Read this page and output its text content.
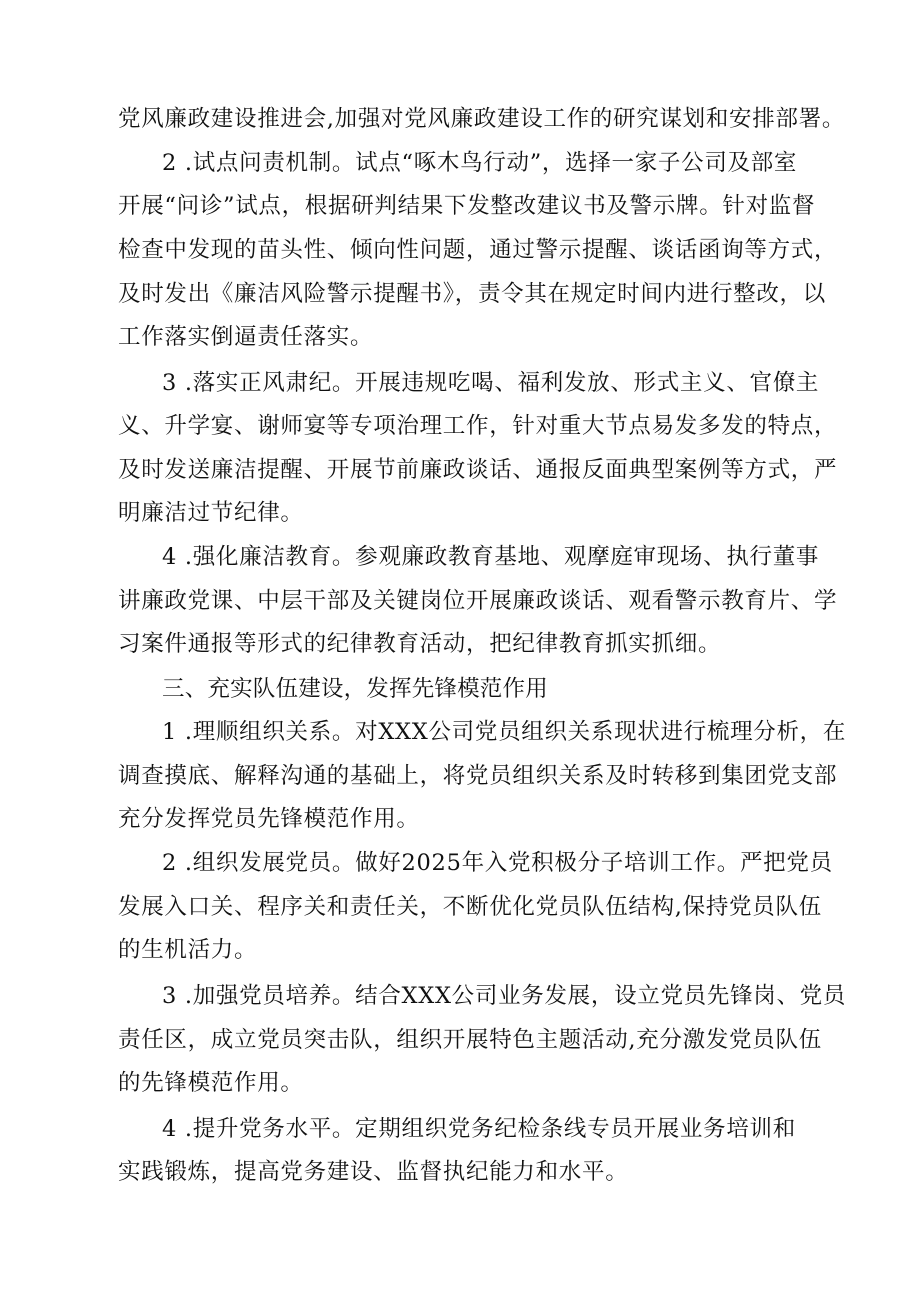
党风廉政建设推进会,加强对党风廉政建设工作的研究谋划和安排部署。
2 .试点问责机制。试点“啄木鸟行动”，选择一家子公司及部室
开展“问诊”试点，根据研判结果下发整改建议书及警示牌。针对监督
检查中发现的苗头性、倾向性问题，通过警示提醒、谈话函询等方式，
及时发出《廉洁风险警示提醒书》，责令其在规定时间内进行整改，以
工作落实倒逼责任落实。
3 .落实正风肃纪。开展违规吃喝、福利发放、形式主义、官僚主
义、升学宴、谢师宴等专项治理工作，针对重大节点易发多发的特点，
及时发送廉洁提醒、开展节前廉政谈话、通报反面典型案例等方式，严
明廉洁过节纪律。
4 .强化廉洁教育。参观廉政教育基地、观摩庭审现场、执行董事
讲廉政党课、中层干部及关键岗位开展廉政谈话、观看警示教育片、学
习案件通报等形式的纪律教育活动，把纪律教育抓实抓细。
三、充实队伍建设，发挥先锋模范作用
1 .理顺组织关系。对XXX公司党员组织关系现状进行梳理分析，在
调查摸底、解释沟通的基础上，将党员组织关系及时转移到集团党支部
充分发挥党员先锋模范作用。
2 .组织发展党员。做好2025年入党积极分子培训工作。严把党员
发展入口关、程序关和责任关，不断优化党员队伍结构,保持党员队伍
的生机活力。
3 .加强党员培养。结合XXX公司业务发展，设立党员先锋岗、党员
责任区，成立党员突击队，组织开展特色主题活动,充分激发党员队伍
的先锋模范作用。
4 .提升党务水平。定期组织党务纪检条线专员开展业务培训和
实践锻炼，提高党务建设、监督执纪能力和水平。
